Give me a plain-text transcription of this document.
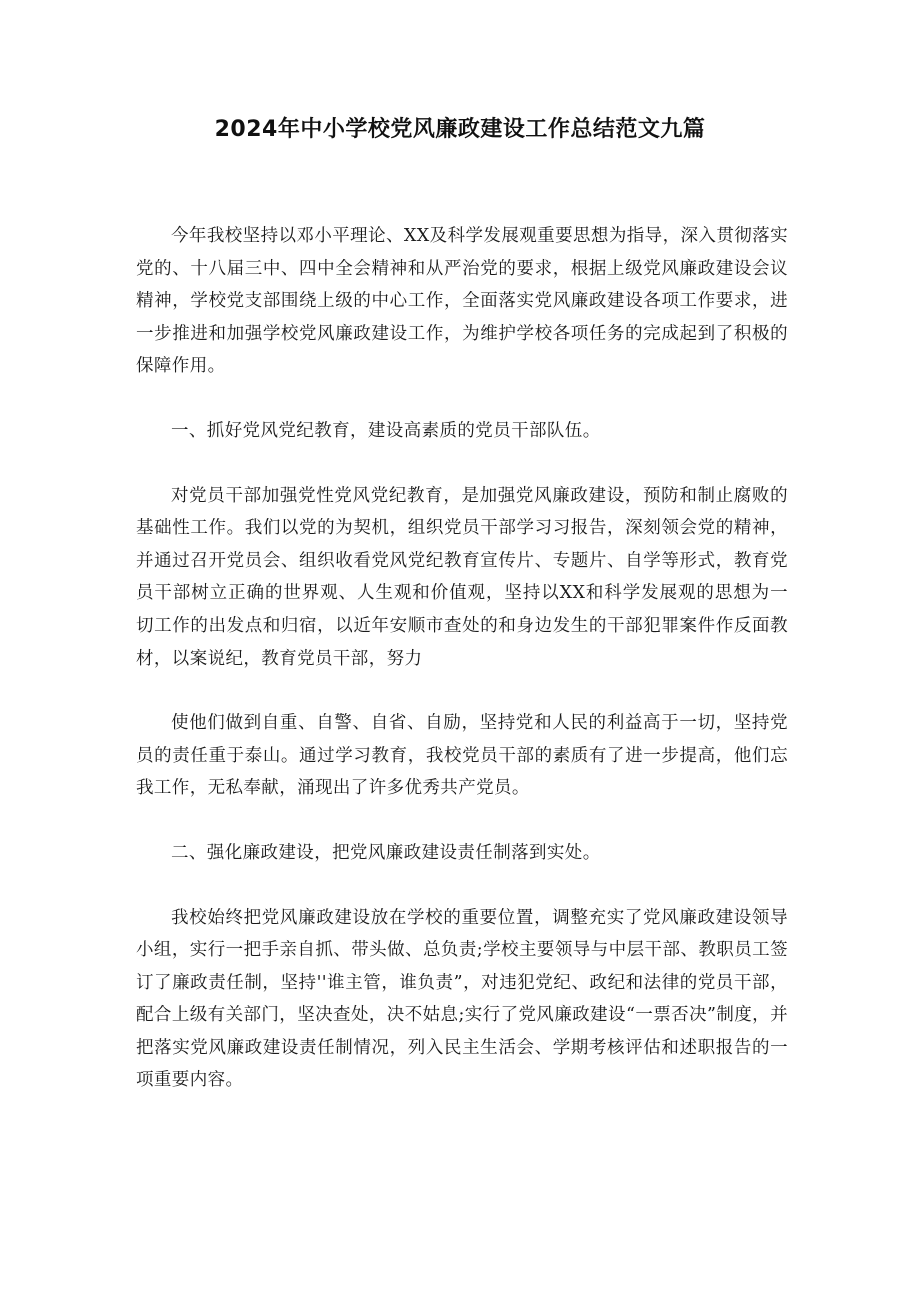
2024年中小学校党风廉政建设工作总结范文九篇

今年我校坚持以邓小平理论、XX及科学发展观重要思想为指导，深入贯彻落实党的、十八届三中、四中全会精神和从严治党的要求，根据上级党风廉政建设会议精神，学校党支部围绕上级的中心工作，全面落实党风廉政建设各项工作要求，进一步推进和加强学校党风廉政建设工作，为维护学校各项任务的完成起到了积极的保障作用。

一、抓好党风党纪教育，建设高素质的党员干部队伍。

对党员干部加强党性党风党纪教育，是加强党风廉政建设，预防和制止腐败的基础性工作。我们以党的为契机，组织党员干部学习习报告，深刻领会党的精神，并通过召开党员会、组织收看党风党纪教育宣传片、专题片、自学等形式，教育党员干部树立正确的世界观、人生观和价值观，坚持以XX和科学发展观的思想为一切工作的出发点和归宿，以近年安顺市查处的和身边发生的干部犯罪案件作反面教材，以案说纪，教育党员干部，努力

使他们做到自重、自警、自省、自励，坚持党和人民的利益高于一切，坚持党员的责任重于泰山。通过学习教育，我校党员干部的素质有了进一步提高，他们忘我工作，无私奉献，涌现出了许多优秀共产党员。

二、强化廉政建设，把党风廉政建设责任制落到实处。

我校始终把党风廉政建设放在学校的重要位置，调整充实了党风廉政建设领导小组，实行一把手亲自抓、带头做、总负责;学校主要领导与中层干部、教职员工签订了廉政责任制，坚持''谁主管，谁负责”，对违犯党纪、政纪和法律的党员干部，配合上级有关部门，坚决查处，决不姑息;实行了党风廉政建设“一票否决”制度，并把落实党风廉政建设责任制情况，列入民主生活会、学期考核评估和述职报告的一项重要内容。
